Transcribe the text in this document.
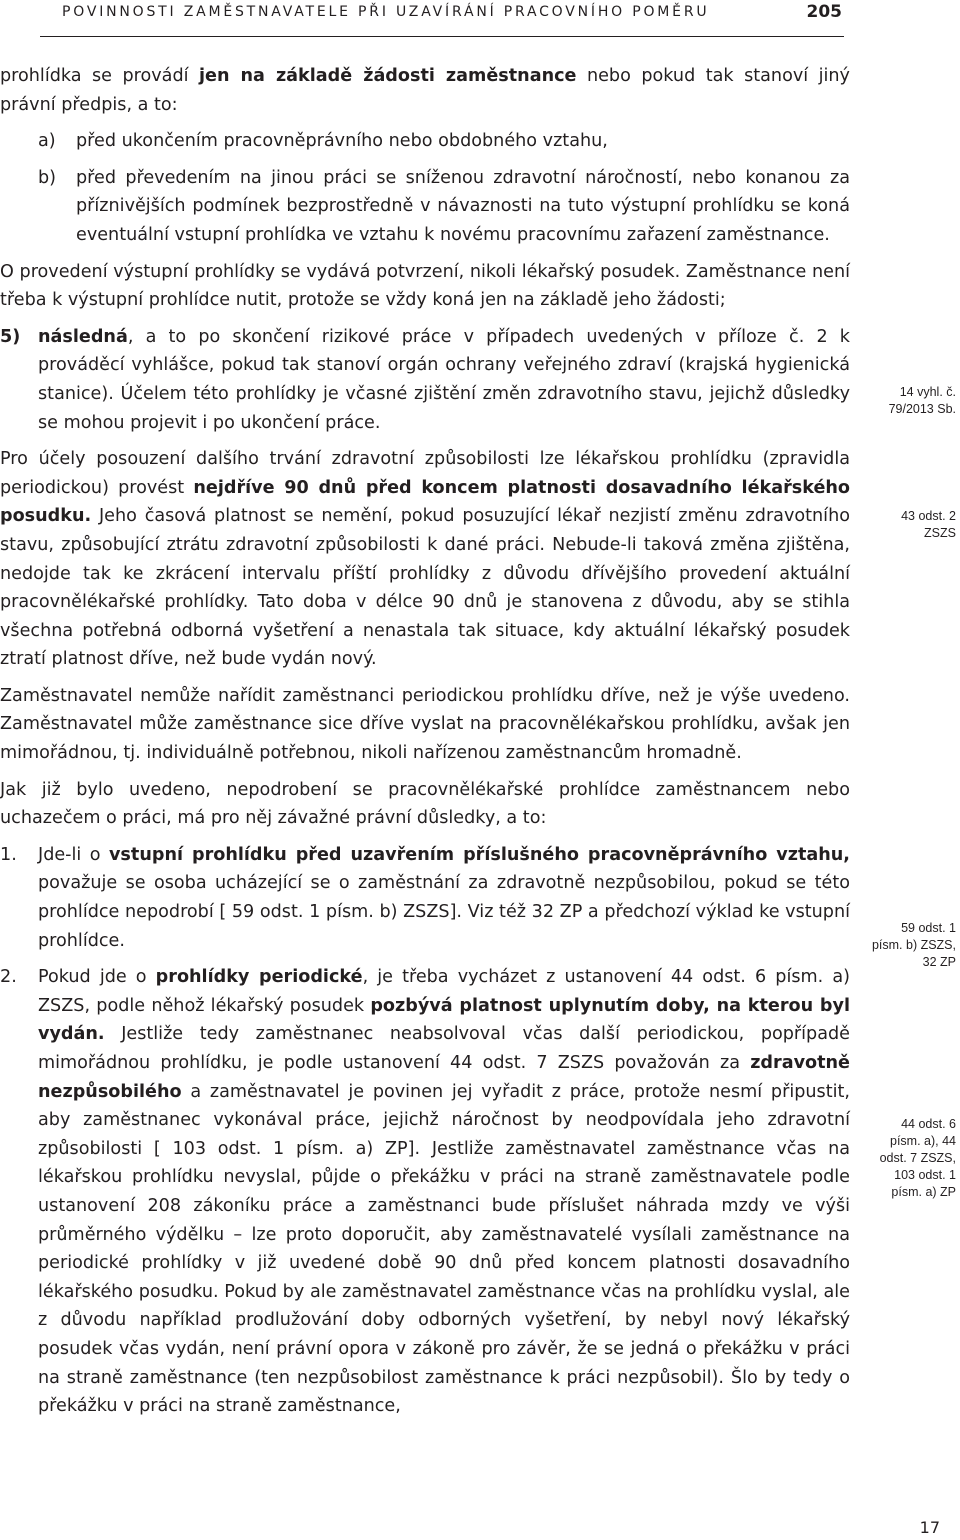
POVINNOSTI ZAMĚSTNAVATELE PŘI UZAVÍRÁNÍ PRACOVNÍHO POMĚRU	205

prohlídka se provádí jen na základě žádosti zaměstnance nebo pokud tak stanoví jiný právní předpis, a to:

a) před ukončením pracovněprávního nebo obdobného vztahu,
b) před převedením na jinou práci se sníženou zdravotní náročností, nebo konanou za příznivějších podmínek bezprostředně v návaznosti na tuto výstupní prohlídku se koná eventuální vstupní prohlídka ve vztahu k novému pracovnímu zařazení zaměstnance.

O provedení výstupní prohlídky se vydává potvrzení, nikoli lékařský posudek. Zaměstnance není třeba k výstupní prohlídce nutit, protože se vždy koná jen na základě jeho žádosti;

5) následná, a to po skončení rizikové práce v případech uvedených v příloze č. 2 k prováděcí vyhlášce, pokud tak stanoví orgán ochrany veřejného zdraví (krajská hygienická stanice). Účelem této prohlídky je včasné zjištění změn zdravotního stavu, jejichž důsledky se mohou projevit i po ukončení práce.

Pro účely posouzení dalšího trvání zdravotní způsobilosti lze lékařskou prohlídku (zpravidla periodickou) provést nejdříve 90 dnů před koncem platnosti dosavadního lékařského posudku. Jeho časová platnost se nemění, pokud posuzující lékař nezjistí změnu zdravotního stavu, způsobující ztrátu zdravotní způsobilosti k dané práci. Nebude-li taková změna zjištěna, nedojde tak ke zkrácení intervalu příští prohlídky z důvodu dřívějšího provedení aktuální pracovnělékařské prohlídky. Tato doba v délce 90 dnů je stanovena z důvodu, aby se stihla všechna potřebná odborná vyšetření a nenastala tak situace, kdy aktuální lékařský posudek ztratí platnost dříve, než bude vydán nový.

Zaměstnavatel nemůže nařídit zaměstnanci periodickou prohlídku dříve, než je výše uvedeno. Zaměstnavatel může zaměstnance sice dříve vyslat na pracovnělékařskou prohlídku, avšak jen mimořádnou, tj. individuálně potřebnou, nikoli nařízenou zaměstnancům hromadně.

Jak již bylo uvedeno, nepodrobení se pracovnělékařské prohlídce zaměstnancem nebo uchazečem o práci, má pro něj závažné právní důsledky, a to:

1. Jde-li o vstupní prohlídku před uzavřením příslušného pracovněprávního vztahu, považuje se osoba ucházející se o zaměstnání za zdravotně nezpůsobilou, pokud se této prohlídce nepodrobí [ 59 odst. 1 písm. b) ZSZS]. Viz též 32 ZP a předchozí výklad ke vstupní prohlídce.
2. Pokud jde o prohlídky periodické, je třeba vycházet z ustanovení 44 odst. 6 písm. a) ZSZS, podle něhož lékařský posudek pozbývá platnost uplynutím doby, na kterou byl vydán. Jestliže tedy zaměstnanec neabsolvoval včas další periodickou, popřípadě mimořádnou prohlídku, je podle ustanovení 44 odst. 7 ZSZS považován za zdravotně nezpůsobilého a zaměstnavatel je povinen jej vyřadit z práce, protože nesmí připustit, aby zaměstnanec vykonával práce, jejichž náročnost by neodpovídala jeho zdravotní způsobilosti [ 103 odst. 1 písm. a) ZP]. Jestliže zaměstnavatel zaměstnance včas na lékařskou prohlídku nevyslal, půjde o překážku v práci na straně zaměstnavatele podle ustanovení 208 zákoníku práce a zaměstnanci bude příslušet náhrada mzdy ve výši průměrného výdělku – lze proto doporučit, aby zaměstnavatelé vysílali zaměstnance na periodické prohlídky v již uvedené době 90 dnů před koncem platnosti dosavadního lékařského posudku. Pokud by ale zaměstnavatel zaměstnance včas na prohlídku vyslal, ale z důvodu například prodlužování doby odborných vyšetření, by nebyl nový lékařský posudek včas vydán, není právní opora v zákoně pro závěr, že se jedná o překážku v práci na straně zaměstnance (ten nezpůsobilost zaměstnance k práci nezpůsobil). Šlo by tedy o překážku v práci na straně zaměstnance,
14 vyhl. č. 79/2013 Sb.
43 odst. 2 ZSZS
59 odst. 1 písm. b) ZSZS, 32 ZP
44 odst. 6 písm. a), 44 odst. 7 ZSZS, 103 odst. 1 písm. a) ZP
17
